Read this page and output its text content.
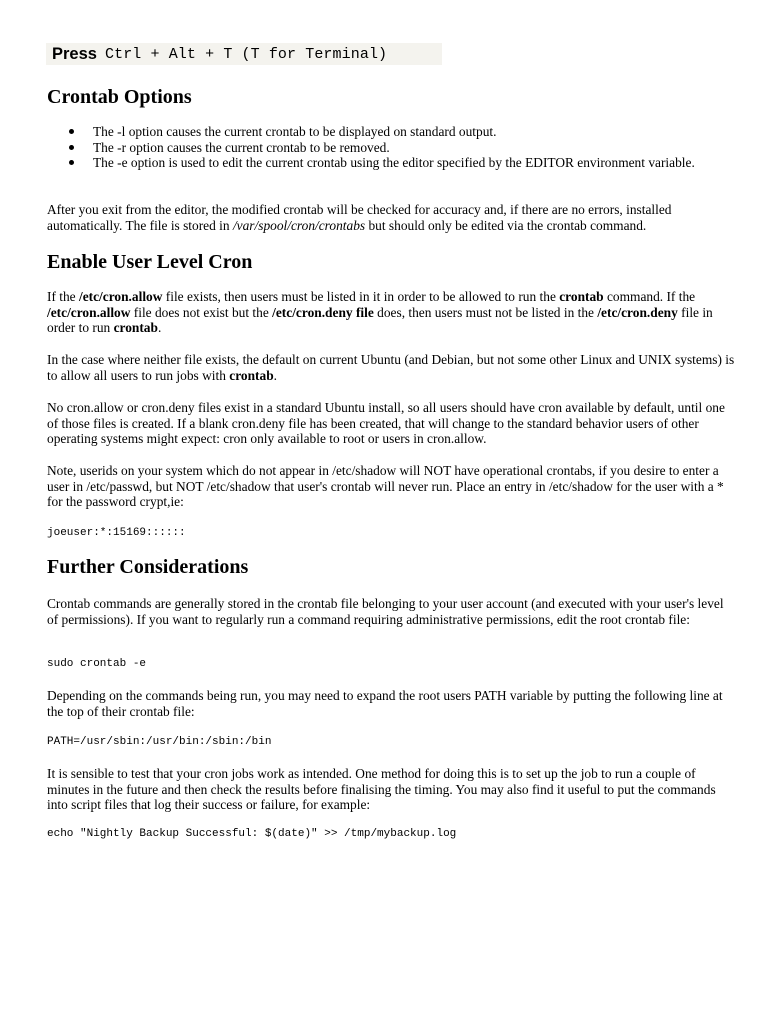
Press Ctrl + Alt + T (T for Terminal)
Crontab Options
The -l option causes the current crontab to be displayed on standard output.
The -r option causes the current crontab to be removed.
The -e option is used to edit the current crontab using the editor specified by the EDITOR environment variable.

After you exit from the editor, the modified crontab will be checked for accuracy and, if there are no errors, installed automatically. The file is stored in /var/spool/cron/crontabs but should only be edited via the crontab command.

Enable User Level Cron

If the /etc/cron.allow file exists, then users must be listed in it in order to be allowed to run the crontab command. If the /etc/cron.allow file does not exist but the /etc/cron.deny file does, then users must not be listed in the /etc/cron.deny file in order to run crontab.

In the case where neither file exists, the default on current Ubuntu (and Debian, but not some other Linux and UNIX systems) is to allow all users to run jobs with crontab.

No cron.allow or cron.deny files exist in a standard Ubuntu install, so all users should have cron available by default, until one of those files is created. If a blank cron.deny file has been created, that will change to the standard behavior users of other operating systems might expect: cron only available to root or users in cron.allow.

Note, userids on your system which do not appear in /etc/shadow will NOT have operational crontabs, if you desire to enter a user in /etc/passwd, but NOT /etc/shadow that user's crontab will never run. Place an entry in /etc/shadow for the user with a * for the password crypt,ie:

joeuser:*:15169::::::
Further Considerations

Crontab commands are generally stored in the crontab file belonging to your user account (and executed with your user's level of permissions). If you want to regularly run a command requiring administrative permissions, edit the root crontab file:

sudo crontab -e

Depending on the commands being run, you may need to expand the root users PATH variable by putting the following line at the top of their crontab file:

PATH=/usr/sbin:/usr/bin:/sbin:/bin

It is sensible to test that your cron jobs work as intended. One method for doing this is to set up the job to run a couple of minutes in the future and then check the results before finalising the timing. You may also find it useful to put the commands into script files that log their success or failure, for example:

echo "Nightly Backup Successful: $(date)" >> /tmp/mybackup.log
